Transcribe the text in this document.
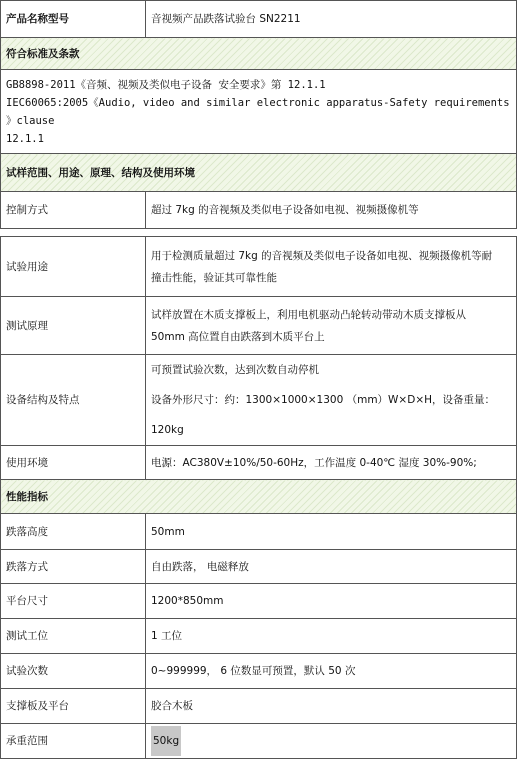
产品名称型号	音视频产品跌落试验台 SN2211
符合标准及条款	

GB8898-2011《音频、视频及类似电子设备 安全要求》第 12.1.1
IEC60065:2005《Audio, video and similar electronic apparatus-Safety requirements 》clause
12.1.1	

试样范围、用途、原理、结构及使用环境	
控制方式	超过 7kg 的音视频及类似电子设备如电视、视频摄像机等
试验用途	用于检测质量超过 7kg 的音视频及类似电子设备如电视、视频摄像机等耐
撞击性能，验证其可靠性能

测试原理	试样放置在木质支撑板上，利用电机驱动凸轮转动带动木质支撑板从
50mm 高位置自由跌落到木质平台上

设备结构及特点	可预置试验次数，达到次数自动停机
设备外形尺寸：约：1300×1000×1300 （mm）W×D×H，设备重量：120kg

使用环境	电源：AC380V±10%/50-60Hz，工作温度 0-40℃ 湿度 30%-90%;
性能指标	
跌落高度	50mm
跌落方式	自由跌落， 电磁释放
平台尺寸	1200*850mm
测试工位	1 工位
试验次数	0~999999， 6 位数显可预置，默认 50 次
支撑板及平台	胶合木板
承重范围	50kg
